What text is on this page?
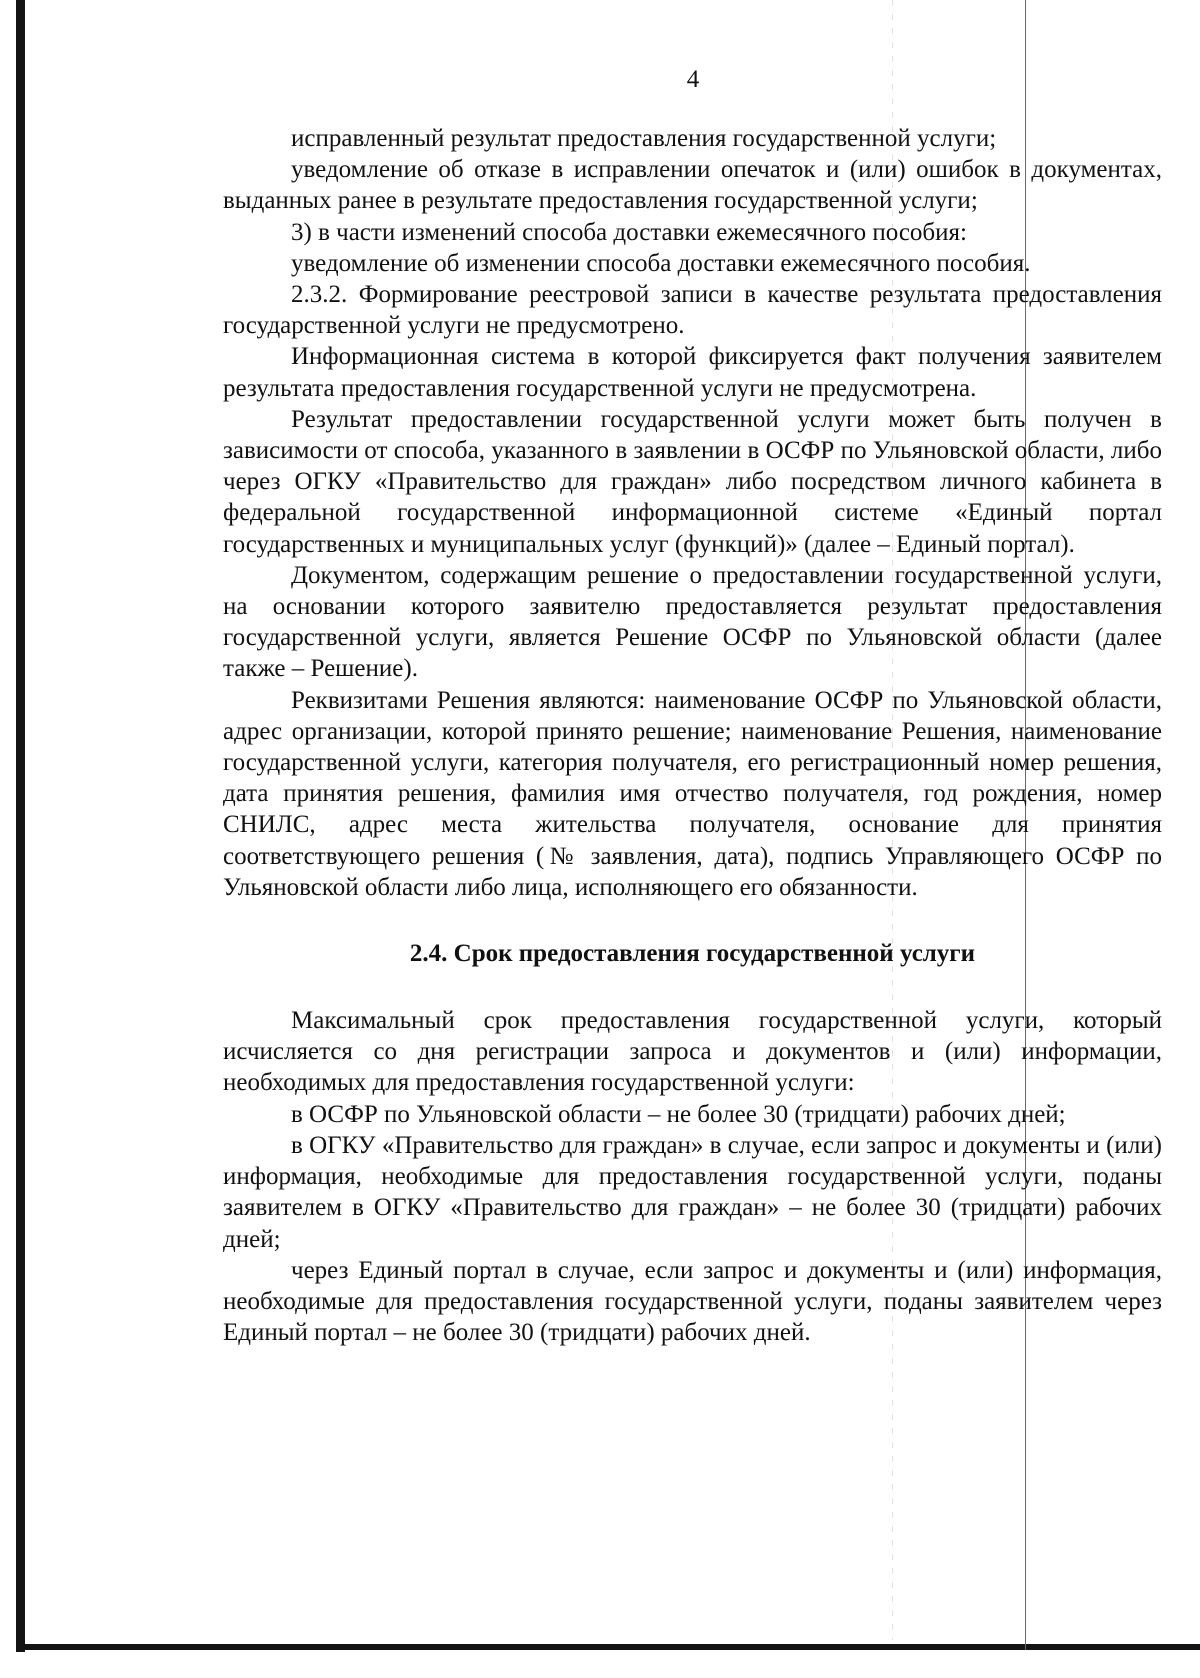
4

исправленный результат предоставления государственной услуги;

уведомление об отказе в исправлении опечаток и (или) ошибок в документах, выданных ранее в результате предоставления государственной услуги;

3) в части изменений способа доставки ежемесячного пособия:

уведомление об изменении способа доставки ежемесячного пособия.

2.3.2. Формирование реестровой записи в качестве результата предоставления государственной услуги не предусмотрено.

Информационная система в которой фиксируется факт получения заявителем результата предоставления государственной услуги не предусмотрена.

Результат предоставлении государственной услуги может быть получен в зависимости от способа, указанного в заявлении в ОСФР по Ульяновской области, либо через ОГКУ «Правительство для граждан» либо посредством личного кабинета в федеральной государственной информационной системе «Единый портал государственных и муниципальных услуг (функций)» (далее – Единый портал).

Документом, содержащим решение о предоставлении государственной услуги, на основании которого заявителю предоставляется результат предоставления государственной услуги, является Решение ОСФР по Ульяновской области (далее также – Решение).

Реквизитами Решения являются: наименование ОСФР по Ульяновской области, адрес организации, которой принято решение; наименование Решения, наименование государственной услуги, категория получателя, его регистрационный номер решения, дата принятия решения, фамилия имя отчество получателя, год рождения, номер СНИЛС, адрес места жительства получателя, основание для принятия соответствующего решения (№ заявления, дата), подпись Управляющего ОСФР по Ульяновской области либо лица, исполняющего его обязанности.

2.4. Срок предоставления государственной услуги

Максимальный срок предоставления государственной услуги, который исчисляется со дня регистрации запроса и документов и (или) информации, необходимых для предоставления государственной услуги:

в ОСФР по Ульяновской области – не более 30 (тридцати) рабочих дней;

в ОГКУ «Правительство для граждан» в случае, если запрос и документы и (или) информация, необходимые для предоставления государственной услуги, поданы заявителем в ОГКУ «Правительство для граждан» – не более 30 (тридцати) рабочих дней;

через Единый портал в случае, если запрос и документы и (или) информация, необходимые для предоставления государственной услуги, поданы заявителем через Единый портал – не более 30 (тридцати) рабочих дней.
